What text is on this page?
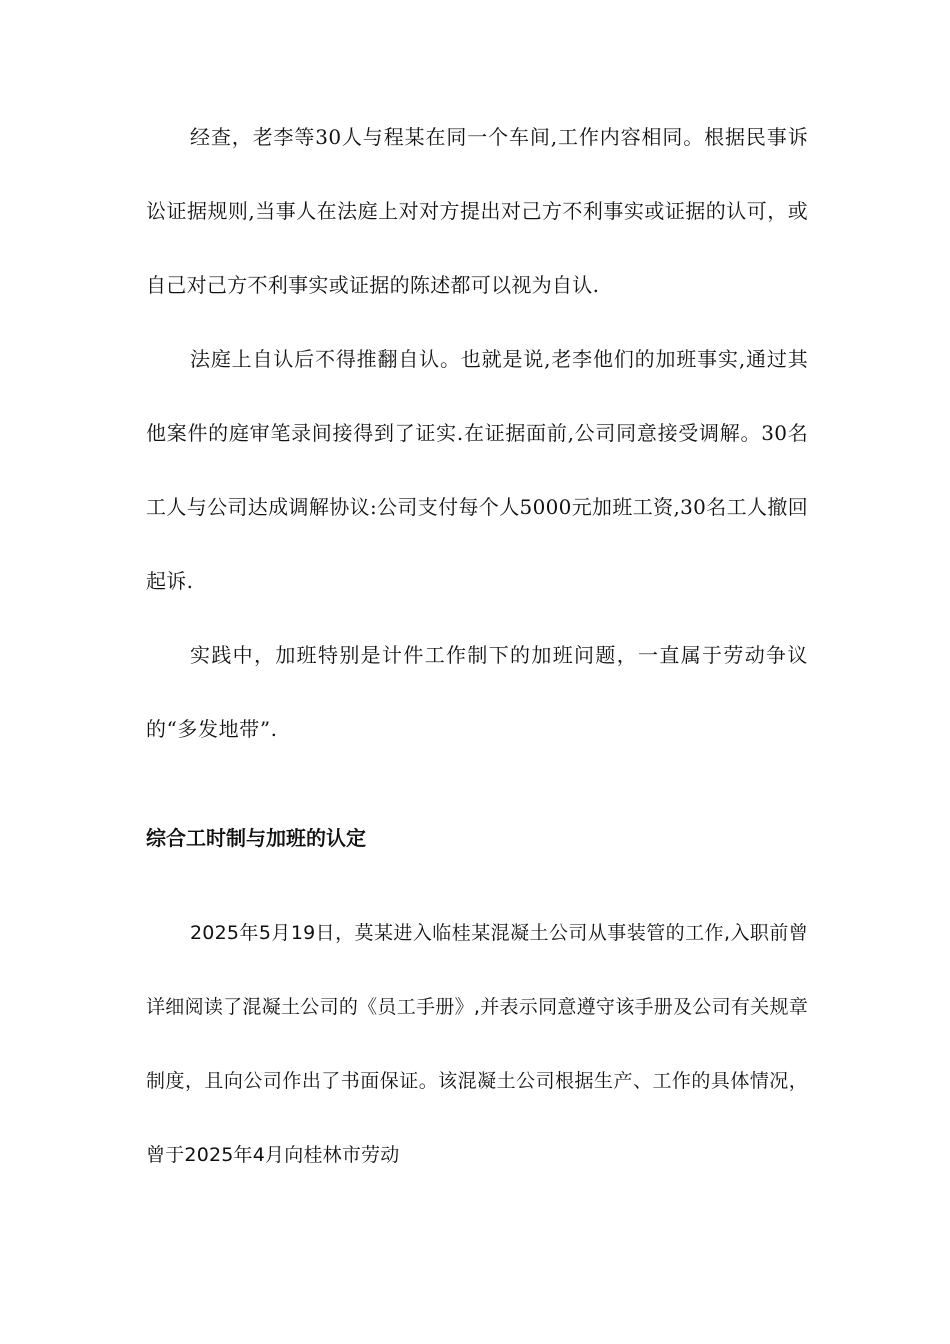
经查，老李等30人与程某在同一个车间,工作内容相同。根据民事诉讼证据规则,当事人在法庭上对对方提出对己方不利事实或证据的认可，或自己对己方不利事实或证据的陈述都可以视为自认.

法庭上自认后不得推翻自认。也就是说,老李他们的加班事实,通过其他案件的庭审笔录间接得到了证实.在证据面前,公司同意接受调解。30名工人与公司达成调解协议:公司支付每个人5000元加班工资,30名工人撤回起诉.

实践中，加班特别是计件工作制下的加班问题，一直属于劳动争议的“多发地带”.

综合工时制与加班的认定

2025年5月19日，莫某进入临桂某混凝土公司从事装管的工作,入职前曾详细阅读了混凝土公司的《员工手册》,并表示同意遵守该手册及公司有关规章制度，且向公司作出了书面保证。该混凝土公司根据生产、工作的具体情况，曾于2025年4月向桂林市劳动
